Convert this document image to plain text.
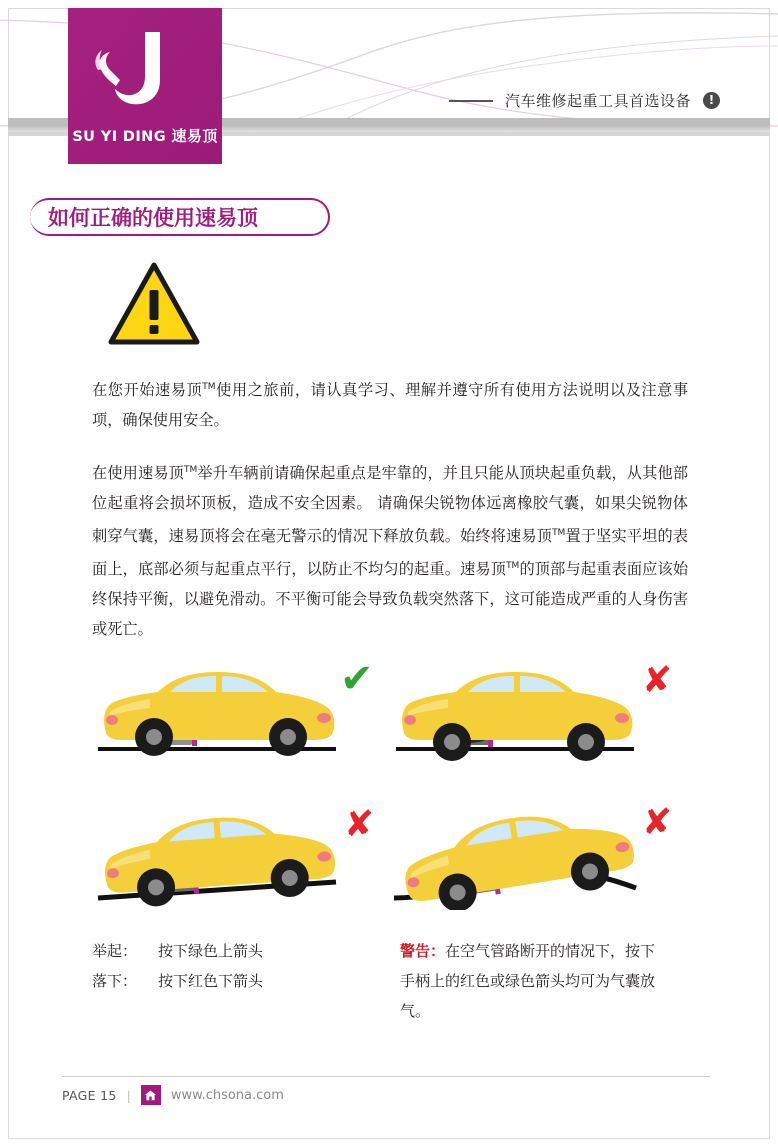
SU YI DING 速易顶
汽车维修起重工具首选设备	!
如何正确的使用速易顶

在您开始速易顶™使用之旅前，请认真学习、理解并遵守所有使用方法说明以及注意事项，确保使用安全。

在使用速易顶™举升车辆前请确保起重点是牢靠的，并且只能从顶块起重负载，从其他部位起重将会损坏顶板，造成不安全因素。 请确保尖锐物体远离橡胶气囊，如果尖锐物体刺穿气囊，速易顶将会在毫无警示的情况下释放负载。始终将速易顶™置于坚实平坦的表面上，底部必须与起重点平行，以防止不均匀的起重。速易顶™的顶部与起重表面应该始终保持平衡，以避免滑动。不平衡可能会导致负载突然落下，这可能造成严重的人身伤害或死亡。

✔	✘
✘	✘
举起： 按下绿色上箭头
落下： 按下红色下箭头
警告：在空气管路断开的情况下，按下手柄上的红色或绿色箭头均可为气囊放气。
PAGE 15 |	www.chsona.com
